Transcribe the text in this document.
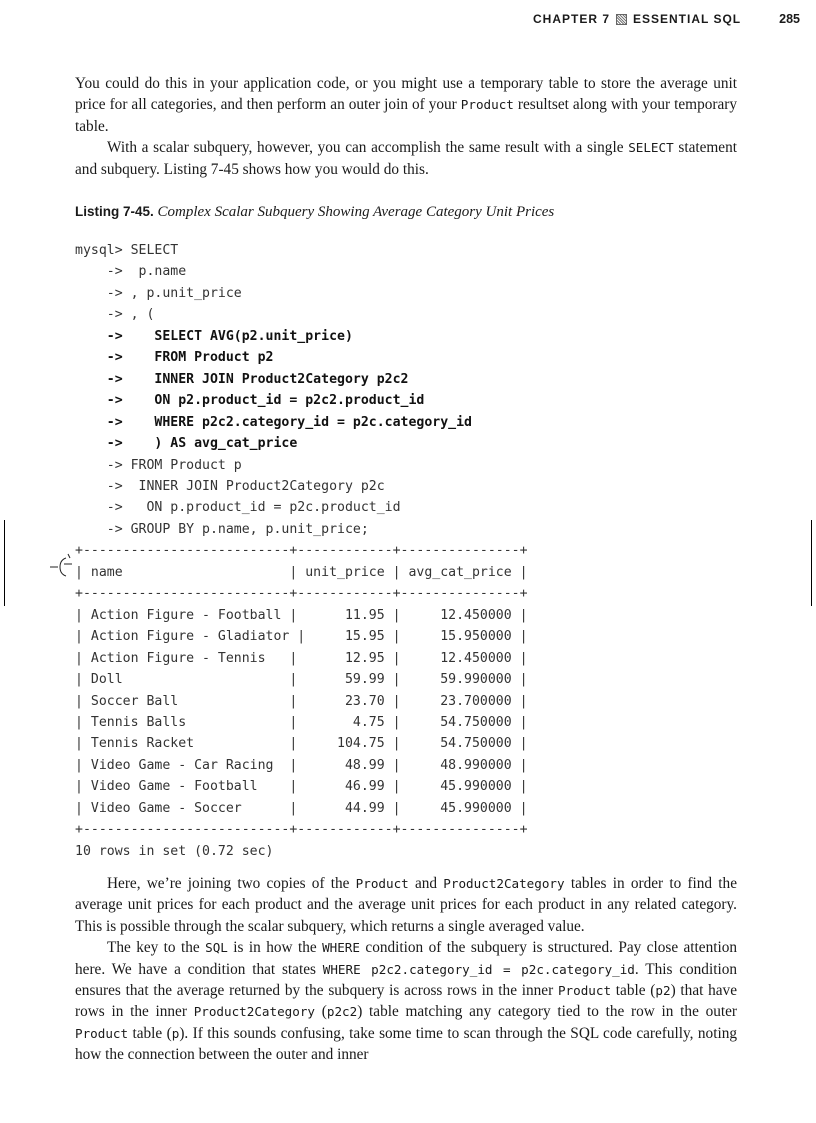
CHAPTER 7 ESSENTIAL SQL	285

You could do this in your application code, or you might use a temporary table to store the average unit price for all categories, and then perform an outer join of your Product resultset along with your temporary table.

With a scalar subquery, however, you can accomplish the same result with a single SELECT statement and subquery. Listing 7-45 shows how you would do this.

Listing 7-45. Complex Scalar Subquery Showing Average Category Unit Prices
mysql> SELECT
->  p.name
-> , p.unit_price
-> , (
->    SELECT AVG(p2.unit_price)
->    FROM Product p2
->    INNER JOIN Product2Category p2c2
->    ON p2.product_id = p2c2.product_id
->    WHERE p2c2.category_id = p2c.category_id
->    ) AS avg_cat_price
-> FROM Product p
->  INNER JOIN Product2Category p2c
->   ON p.product_id = p2c.product_id
-> GROUP BY p.name, p.unit_price;
+--------------------------+------------+---------------+
| name                     | unit_price | avg_cat_price |
+--------------------------+------------+---------------+
| Action Figure - Football |      11.95 |     12.450000 |
| Action Figure - Gladiator |     15.95 |     15.950000 |
| Action Figure - Tennis   |      12.95 |     12.450000 |
| Doll                     |      59.99 |     59.990000 |
| Soccer Ball              |      23.70 |     23.700000 |
| Tennis Balls             |       4.75 |     54.750000 |
| Tennis Racket            |     104.75 |     54.750000 |
| Video Game - Car Racing  |      48.99 |     48.990000 |
| Video Game - Football    |      46.99 |     45.990000 |
| Video Game - Soccer      |      44.99 |     45.990000 |
+--------------------------+------------+---------------+
10 rows in set (0.72 sec)

Here, we’re joining two copies of the Product and Product2Category tables in order to find the average unit prices for each product and the average unit prices for each product in any related category. This is possible through the scalar subquery, which returns a single averaged value.

The key to the SQL is in how the WHERE condition of the subquery is structured. Pay close attention here. We have a condition that states WHERE p2c2.category_id = p2c.category_id. This condition ensures that the average returned by the subquery is across rows in the inner Product table (p2) that have rows in the inner Product2Category (p2c2) table matching any category tied to the row in the outer Product table (p). If this sounds confusing, take some time to scan through the SQL code carefully, noting how the connection between the outer and inner
